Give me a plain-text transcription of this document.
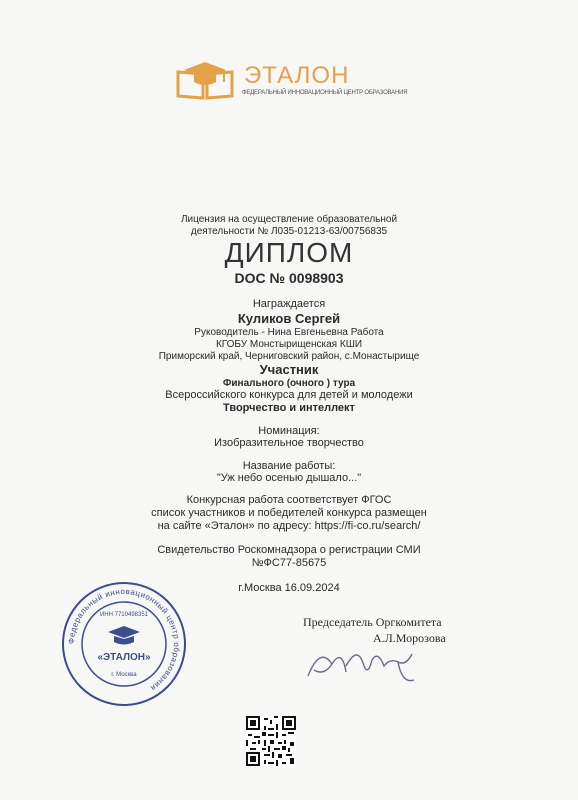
ЭТАЛОН
ФЕДЕРАЛЬНЫЙ ИННОВАЦИОННЫЙ ЦЕНТР ОБРАЗОВАНИЯ
Лицензия на осуществление образовательной
деятельности № Л035-01213-63/00756835
ДИПЛОМ
DOC № 0098903
Награждается
Куликов Сергей
Руководитель - Нина Евгеньевна Работа
КГОБУ Монстырищенская КШИ
Приморский край, Черниговский район, с.Монастырище
Участник
Финального (очного ) тура
Всероссийского конкурса для детей и молодежи
Творчество и интеллект
Номинация:
Изобразительное творчество
Название работы:
"Уж небо осенью дышало..."
Конкурсная работа соответствует ФГОС
список участников и победителей конкурса размещен
на сайте «Эталон» по адресу: https://fi-co.ru/search/
Свидетельство Роскомнадзора о регистрации СМИ
№ФС77-85675
г.Москва 16.09.2024
Председатель Оргкомитета
А.Л.Морозова
Федеральный инновационный центр образования
ИНН 7710498351
«ЭТАЛОН»
г. Москва
